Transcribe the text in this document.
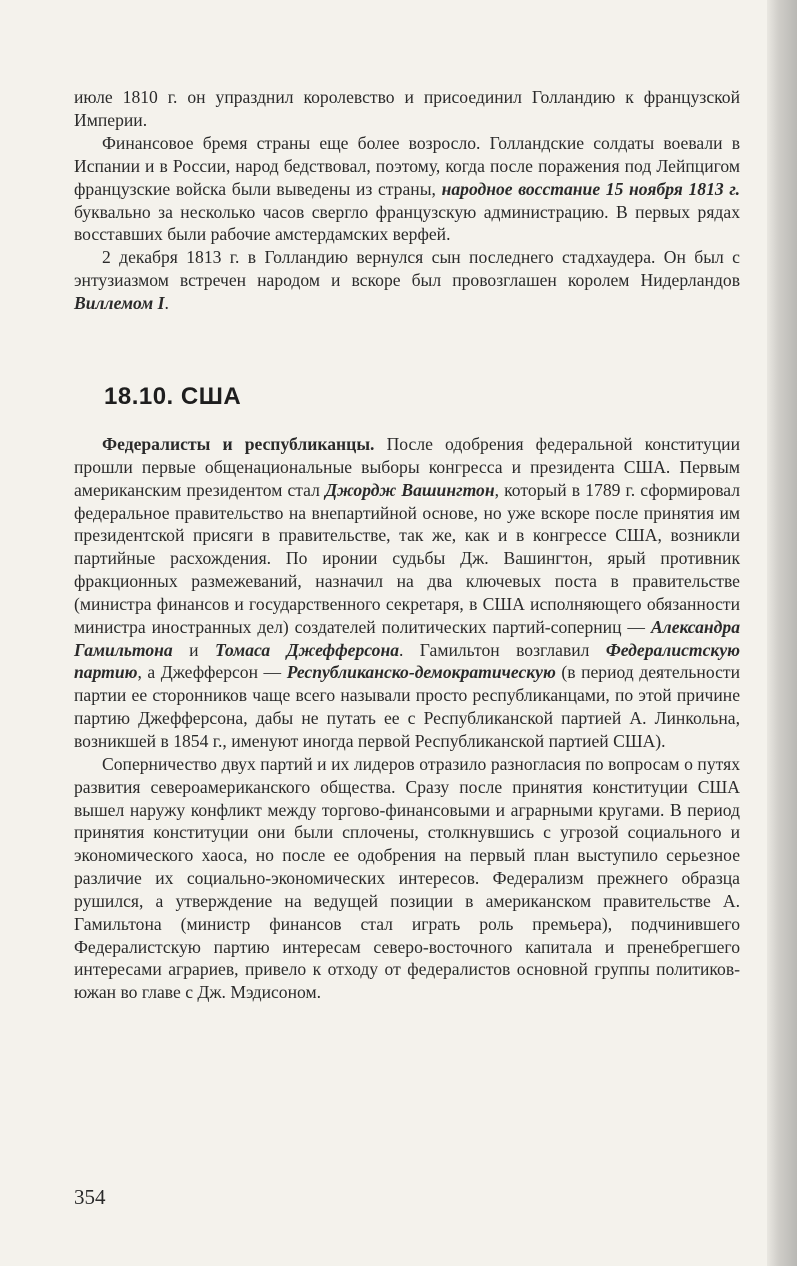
июле 1810 г. он упразднил королевство и присоединил Голландию к французской Империи.

Финансовое бремя страны еще более возросло. Голландские солдаты воевали в Испании и в России, народ бедствовал, поэтому, когда после поражения под Лейпцигом французские войска были выведены из страны, народное восстание 15 ноября 1813 г. буквально за несколько часов свергло французскую администрацию. В первых рядах восставших были рабочие амстердамских верфей.

2 декабря 1813 г. в Голландию вернулся сын последнего стадхаудера. Он был с энтузиазмом встречен народом и вскоре был провозглашен королем Нидерландов Виллемом I.

18.10. США

Федералисты и республиканцы. После одобрения федеральной конституции прошли первые общенациональные выборы конгресса и президента США. Первым американским президентом стал Джордж Вашингтон, который в 1789 г. сформировал федеральное правительство на внепартийной основе, но уже вскоре после принятия им президентской присяги в правительстве, так же, как и в конгрессе США, возникли партийные расхождения. По иронии судьбы Дж. Вашингтон, ярый противник фракционных размежеваний, назначил на два ключевых поста в правительстве (министра финансов и государственного секретаря, в США исполняющего обязанности министра иностранных дел) создателей политических партий-соперниц — Александра Гамильтона и Томаса Джефферсона. Гамильтон возглавил Федералистскую партию, а Джефферсон — Республиканско-демократическую (в период деятельности партии ее сторонников чаще всего называли просто республиканцами, по этой причине партию Джефферсона, дабы не путать ее с Республиканской партией А. Линкольна, возникшей в 1854 г., именуют иногда первой Республиканской партией США).

Соперничество двух партий и их лидеров отразило разногласия по вопросам о путях развития североамериканского общества. Сразу после принятия конституции США вышел наружу конфликт между торгово-финансовыми и аграрными кругами. В период принятия конституции они были сплочены, столкнувшись с угрозой социального и экономического хаоса, но после ее одобрения на первый план выступило серьезное различие их социально-экономических интересов. Федерализм прежнего образца рушился, а утверждение на ведущей позиции в американском правительстве А. Гамильтона (министр финансов стал играть роль премьера), подчинившего Федералистскую партию интересам северо-восточного капитала и пренебрегшего интересами аграриев, привело к отходу от федералистов основной группы политиков-южан во главе с Дж. Мэдисоном.

354
